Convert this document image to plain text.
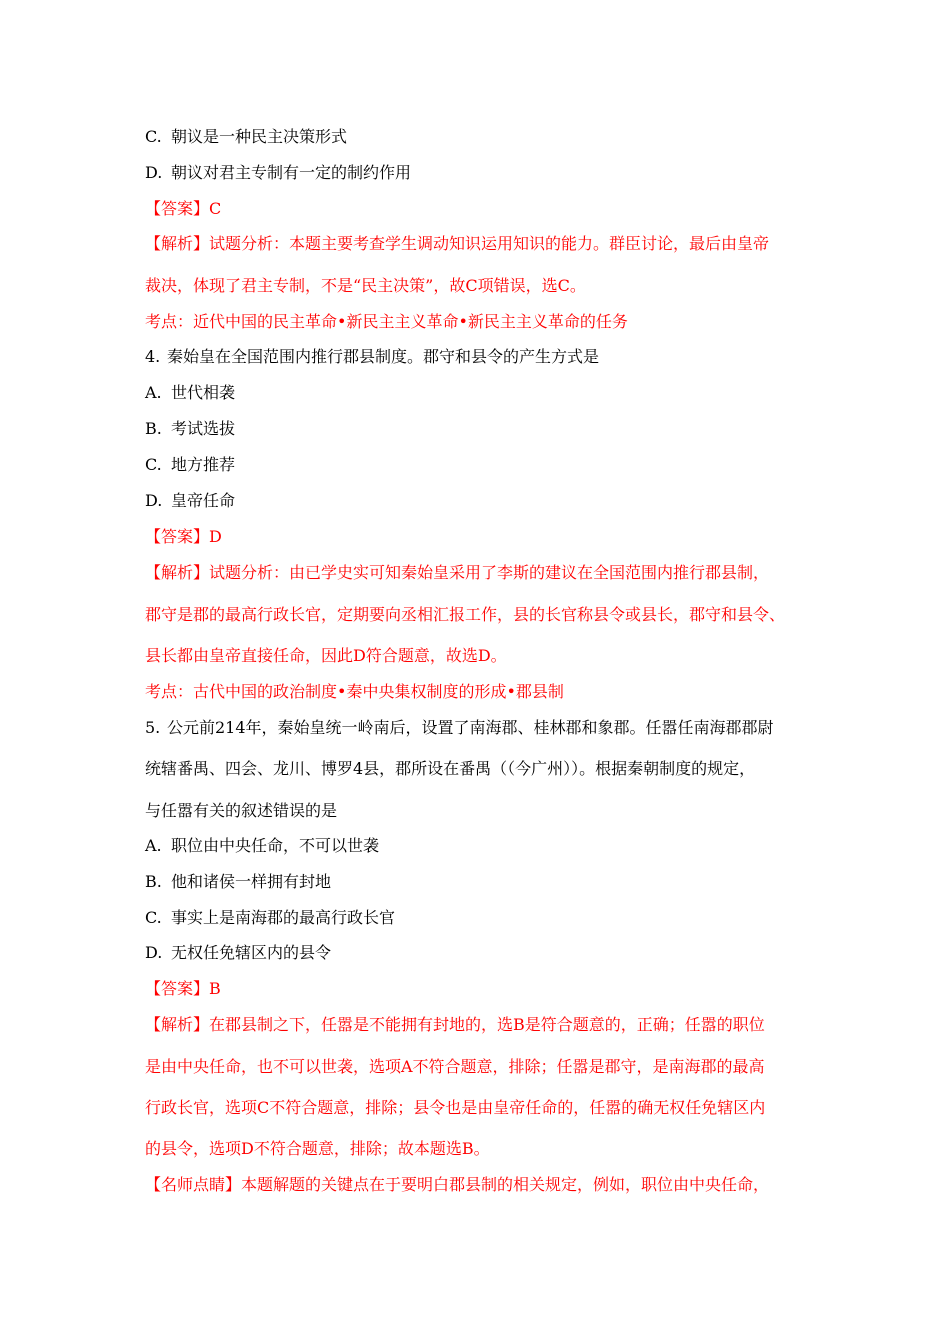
C. 朝议是一种民主决策形式
D. 朝议对君主专制有一定的制约作用
【答案】C
【解析】试题分析：本题主要考查学生调动知识运用知识的能力。群臣讨论，最后由皇帝
裁决，体现了君主专制，不是“民主决策”，故C项错误，选C。
考点：近代中国的民主革命•新民主主义革命•新民主主义革命的任务
4. 秦始皇在全国范围内推行郡县制度。郡守和县令的产生方式是
A. 世代相袭
B. 考试选拔
C. 地方推荐
D. 皇帝任命
【答案】D
【解析】试题分析：由已学史实可知秦始皇采用了李斯的建议在全国范围内推行郡县制，
郡守是郡的最高行政长官，定期要向丞相汇报工作，县的长官称县令或县长，郡守和县令、
县长都由皇帝直接任命，因此D符合题意，故选D。
考点：古代中国的政治制度•秦中央集权制度的形成•郡县制
5. 公元前214年，秦始皇统一岭南后，设置了南海郡、桂林郡和象郡。任嚣任南海郡郡尉
统辖番禺、四会、龙川、博罗4县，郡所设在番禺（（今广州））。根据秦朝制度的规定，
与任嚣有关的叙述错误的是
A. 职位由中央任命，不可以世袭
B. 他和诸侯一样拥有封地
C. 事实上是南海郡的最高行政长官
D. 无权任免辖区内的县令
【答案】B
【解析】在郡县制之下，任嚣是不能拥有封地的，选B是符合题意的，正确；任嚣的职位
是由中央任命，也不可以世袭，选项A不符合题意，排除；任嚣是郡守，是南海郡的最高
行政长官，选项C不符合题意，排除；县令也是由皇帝任命的，任嚣的确无权任免辖区内
的县令，选项D不符合题意，排除；故本题选B。
【名师点睛】本题解题的关键点在于要明白郡县制的相关规定，例如，职位由中央任命，
